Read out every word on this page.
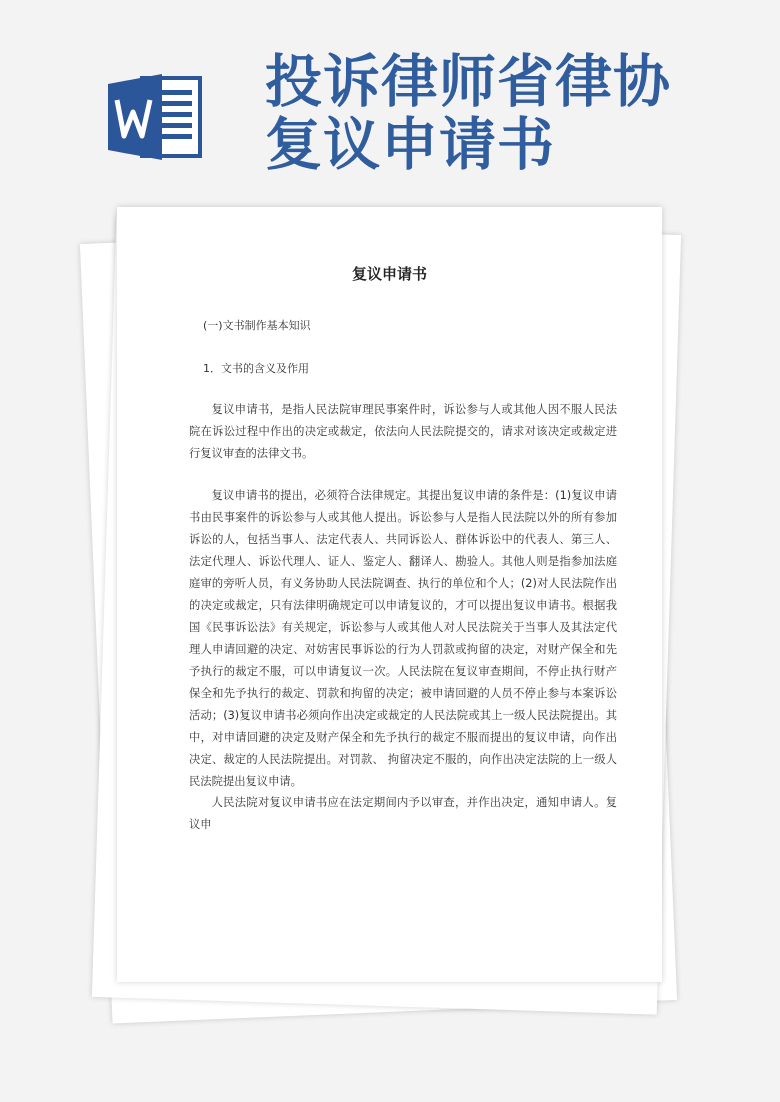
投诉律师省律协复议申请书
复议申请书
(一)文书制作基本知识
1．文书的含义及作用

复议申请书，是指人民法院审理民事案件时，诉讼参与人或其他人因不服人民法院在诉讼过程中作出的决定或裁定，依法向人民法院提交的，请求对该决定或裁定进行复议审查的法律文书。

复议申请书的提出，必须符合法律规定。其提出复议申请的条件是：(1)复议申请书由民事案件的诉讼参与人或其他人提出。诉讼参与人是指人民法院以外的所有参加诉讼的人，包括当事人、法定代表人、共同诉讼人、群体诉讼中的代表人、第三人、法定代理人、诉讼代理人、证人、鉴定人、翻译人、勘验人。其他人则是指参加法庭庭审的旁听人员，有义务协助人民法院调查、执行的单位和个人；(2)对人民法院作出的决定或裁定，只有法律明确规定可以申请复议的，才可以提出复议申请书。根据我国《民事诉讼法》有关规定，诉讼参与人或其他人对人民法院关于当事人及其法定代理人申请回避的决定、对妨害民事诉讼的行为人罚款或拘留的决定，对财产保全和先予执行的裁定不服，可以申请复议一次。人民法院在复议审查期间，不停止执行财产保全和先予执行的裁定、罚款和拘留的决定；被申请回避的人员不停止参与本案诉讼活动；(3)复议申请书必须向作出决定或裁定的人民法院或其上一级人民法院提出。其中，对申请回避的决定及财产保全和先予执行的裁定不服而提出的复议申请，向作出决定、裁定的人民法院提出。对罚款、 拘留决定不服的，向作出决定法院的上一级人民法院提出复议申请。

人民法院对复议申请书应在法定期间内予以审查，并作出决定，通知申请人。复议申
